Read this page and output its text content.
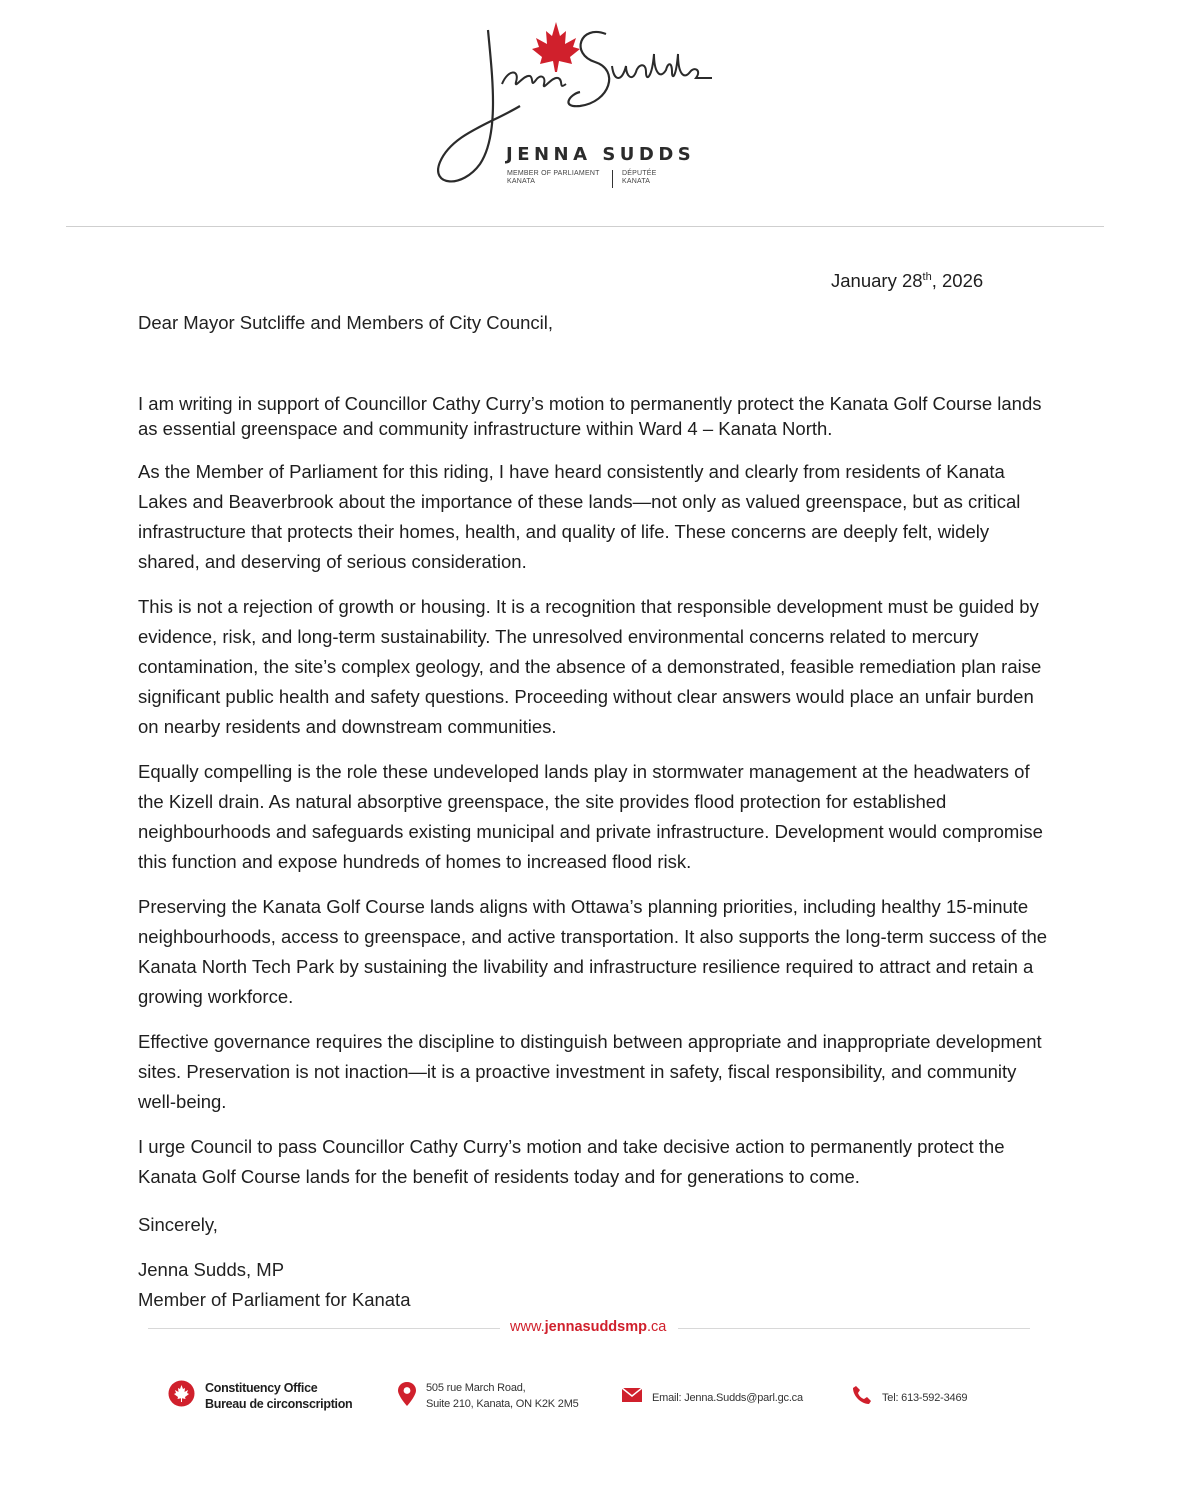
JENNA SUDDS
MEMBER OF PARLIAMENT
KANATA
DÉPUTÉE
KANATA
January 28th, 2026
Dear Mayor Sutcliffe and Members of City Council,

I am writing in support of Councillor Cathy Curry’s motion to permanently protect the Kanata Golf Course lands as essential greenspace and community infrastructure within Ward 4 – Kanata North.

As the Member of Parliament for this riding, I have heard consistently and clearly from residents of Kanata Lakes and Beaverbrook about the importance of these lands—not only as valued greenspace, but as critical infrastructure that protects their homes, health, and quality of life. These concerns are deeply felt, widely shared, and deserving of serious consideration.

This is not a rejection of growth or housing. It is a recognition that responsible development must be guided by evidence, risk, and long-term sustainability. The unresolved environmental concerns related to mercury contamination, the site’s complex geology, and the absence of a demonstrated, feasible remediation plan raise significant public health and safety questions. Proceeding without clear answers would place an unfair burden on nearby residents and downstream communities.

Equally compelling is the role these undeveloped lands play in stormwater management at the headwaters of the Kizell drain. As natural absorptive greenspace, the site provides flood protection for established neighbourhoods and safeguards existing municipal and private infrastructure. Development would compromise this function and expose hundreds of homes to increased flood risk.

Preserving the Kanata Golf Course lands aligns with Ottawa’s planning priorities, including healthy 15-minute neighbourhoods, access to greenspace, and active transportation. It also supports the long-term success of the Kanata North Tech Park by sustaining the livability and infrastructure resilience required to attract and retain a growing workforce.

Effective governance requires the discipline to distinguish between appropriate and inappropriate development sites. Preservation is not inaction—it is a proactive investment in safety, fiscal responsibility, and community well-being.

I urge Council to pass Councillor Cathy Curry’s motion and take decisive action to permanently protect the Kanata Golf Course lands for the benefit of residents today and for generations to come.

Sincerely,
Jenna Sudds, MP
Member of Parliament for Kanata
www.jennasuddsmp.ca
Constituency Office
Bureau de circonscription
505 rue March Road,
Suite 210, Kanata, ON K2K 2M5
Email: Jenna.Sudds@parl.gc.ca	Tel: 613-592-3469
